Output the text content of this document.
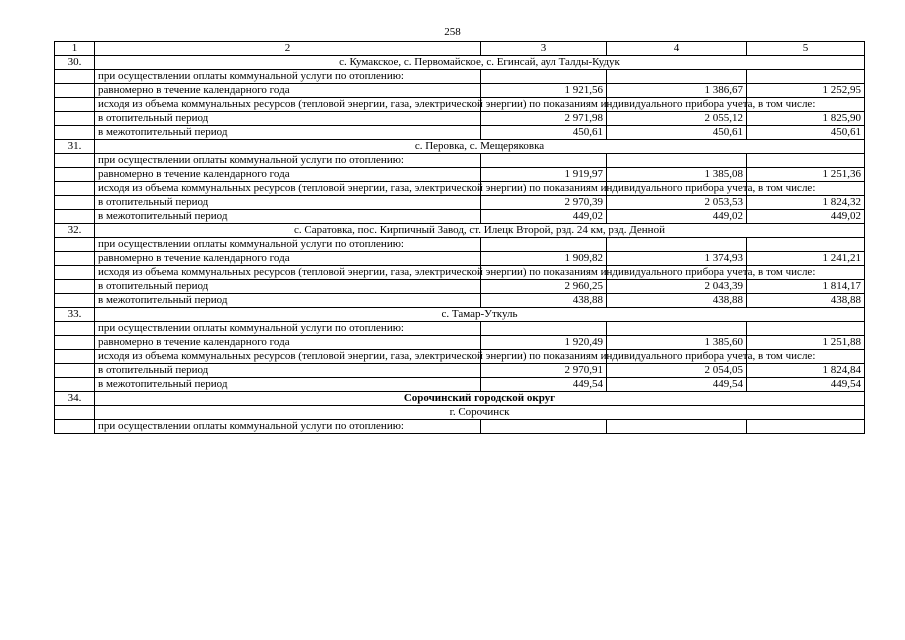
258
1	2	3	4	5
30.	с. Кумакское, с. Первомайское, с. Егинсай, аул Талды-Кудук			
	при осуществлении оплаты коммунальной услуги по отоплению:			
	равномерно в течение календарного года	1 921,56	1 386,67	1 252,95
	исходя из объема коммунальных ресурсов (тепловой энергии, газа, электрической энергии) по показаниям индивидуального прибора учета, в том числе:			
	в отопительный период	2 971,98	2 055,12	1 825,90
	в межотопительный период	450,61	450,61	450,61
31.	с. Перовка, с. Мещеряковка			
	при осуществлении оплаты коммунальной услуги по отоплению:			
	равномерно в течение календарного года	1 919,97	1 385,08	1 251,36
	исходя из объема коммунальных ресурсов (тепловой энергии, газа, электрической энергии) по показаниям индивидуального прибора учета, в том числе:			
	в отопительный период	2 970,39	2 053,53	1 824,32
	в межотопительный период	449,02	449,02	449,02
32.	с. Саратовка, пос. Кирпичный Завод, ст. Илецк Второй, рзд. 24 км, рзд. Денной			
	при осуществлении оплаты коммунальной услуги по отоплению:			
	равномерно в течение календарного года	1 909,82	1 374,93	1 241,21
	исходя из объема коммунальных ресурсов (тепловой энергии, газа, электрической энергии) по показаниям индивидуального прибора учета, в том числе:			
	в отопительный период	2 960,25	2 043,39	1 814,17
	в межотопительный период	438,88	438,88	438,88
33.	с. Тамар-Уткуль			
	при осуществлении оплаты коммунальной услуги по отоплению:			
	равномерно в течение календарного года	1 920,49	1 385,60	1 251,88
	исходя из объема коммунальных ресурсов (тепловой энергии, газа, электрической энергии) по показаниям индивидуального прибора учета, в том числе:			
	в отопительный период	2 970,91	2 054,05	1 824,84
	в межотопительный период	449,54	449,54	449,54
34.	Сорочинский городской округ			
	г. Сорочинск			
	при осуществлении оплаты коммунальной услуги по отоплению:			
